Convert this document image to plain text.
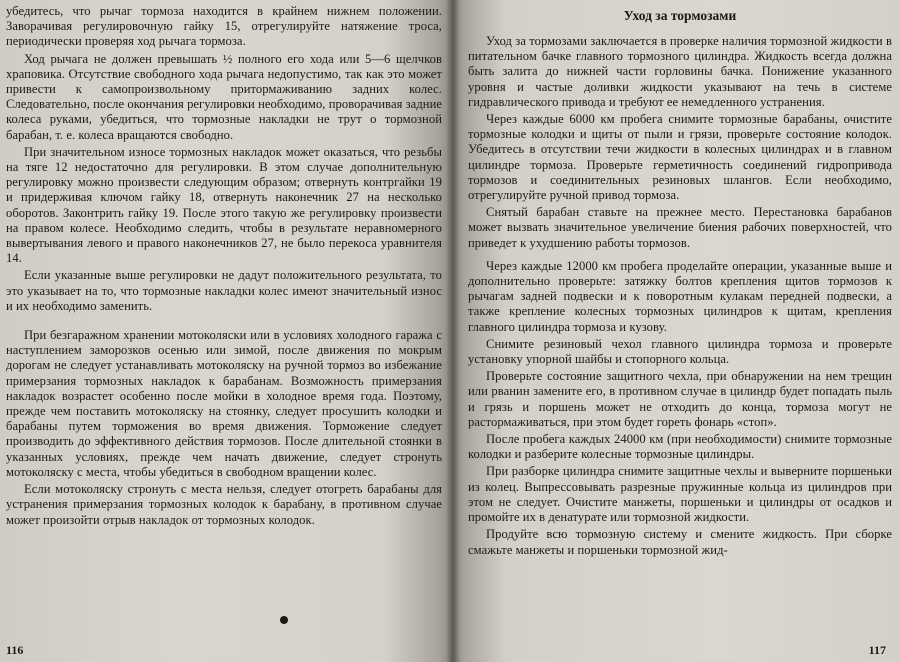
убедитесь, что рычаг тормоза находится в крайнем нижнем положении. Заворачивая регулировочную гайку 15, отрегулируйте натяжение троса, периодически проверяя ход рычага тормоза.

Ход рычага не должен превышать ½ полного его хода или 5—6 щелчков храповика. Отсутствие свободного хода рычага недопустимо, так как это может привести к самопроизвольному притормаживанию задних колес. Следовательно, после окончания регулировки необходимо, проворачивая задние колеса руками, убедиться, что тормозные накладки не трут о тормозной барабан, т. е. колеса вращаются свободно.

При значительном износе тормозных накладок может оказаться, что резьбы на тяге 12 недостаточно для регулировки. В этом случае дополнительную регулировку можно произвести следующим образом; отвернуть контргайки 19 и придерживая ключом гайку 18, отвернуть наконечник 27 на несколько оборотов. Законтрить гайку 19. После этого такую же регулировку произвести на правом колесе. Необходимо следить, чтобы в результате неравномерного вывертывания левого и правого наконечников 27, не было перекоса уравнителя 14.

Если указанные выше регулировки не дадут положительного результата, то это указывает на то, что тормозные накладки колес имеют значительный износ и их необходимо заменить.

При безгаражном хранении мотоколяски или в условиях холодного гаража с наступлением заморозков осенью или зимой, после движения по мокрым дорогам не следует устанавливать мотоколяску на ручной тормоз во избежание примерзания тормозных накладок к барабанам. Возможность примерзания накладок возрастет особенно после мойки в холодное время года. Поэтому, прежде чем поставить мотоколяску на стоянку, следует просушить колодки и барабаны путем торможения во время движения. Торможение следует производить до эффективного действия тормозов. После длительной стоянки в указанных условиях, прежде чем начать движение, следует стронуть мотоколяску с места, чтобы убедиться в свободном вращении колес.

Если мотоколяску стронуть с места нельзя, следует отогреть барабаны для устранения примерзания тормозных колодок к барабану, в противном случае может произойти отрыв накладок от тормозных колодок.

116
Уход за тормозами

Уход за тормозами заключается в проверке наличия тормозной жидкости в питательном бачке главного тормозного цилиндра. Жидкость всегда должна быть залита до нижней части горловины бачка. Понижение указанного уровня и частые доливки жидкости указывают на течь в системе гидравлического привода и требуют ее немедленного устранения.

Через каждые 6000 км пробега снимите тормозные барабаны, очистите тормозные колодки и щиты от пыли и грязи, проверьте состояние колодок. Убедитесь в отсутствии течи жидкости в колесных цилиндрах и в главном цилиндре тормоза. Проверьте герметичность соединений гидропривода тормозов и соединительных резиновых шлангов. Если необходимо, отрегулируйте ручной привод тормоза.

Снятый барабан ставьте на прежнее место. Перестановка барабанов может вызвать значительное увеличение биения рабочих поверхностей, что приведет к ухудшению работы тормозов.

Через каждые 12000 км пробега проделайте операции, указанные выше и дополнительно проверьте: затяжку болтов крепления щитов тормозов к рычагам задней подвески и к поворотным кулакам передней подвески, а также крепление колесных тормозных цилиндров к щитам, крепления главного цилиндра тормоза и кузову.

Снимите резиновый чехол главного цилиндра тормоза и проверьте установку упорной шайбы и стопорного кольца.

Проверьте состояние защитного чехла, при обнаружении на нем трещин или рванин замените его, в противном случае в цилиндр будет попадать пыль и грязь и поршень может не отходить до конца, тормоза могут не растормаживаться, при этом будет гореть фонарь «стоп».

После пробега каждых 24000 км (при необходимости) снимите тормозные колодки и разберите колесные тормозные цилиндры.

При разборке цилиндра снимите защитные чехлы и выверните поршеньки из колец. Выпрессовывать разрезные пружинные кольца из цилиндров при этом не следует. Очистите манжеты, поршеньки и цилиндры от осадков и промойте их в денатурате или тормозной жидкости.

Продуйте всю тормозную систему и смените жидкость. При сборке смажьте манжеты и поршеньки тормозной жид-

117
